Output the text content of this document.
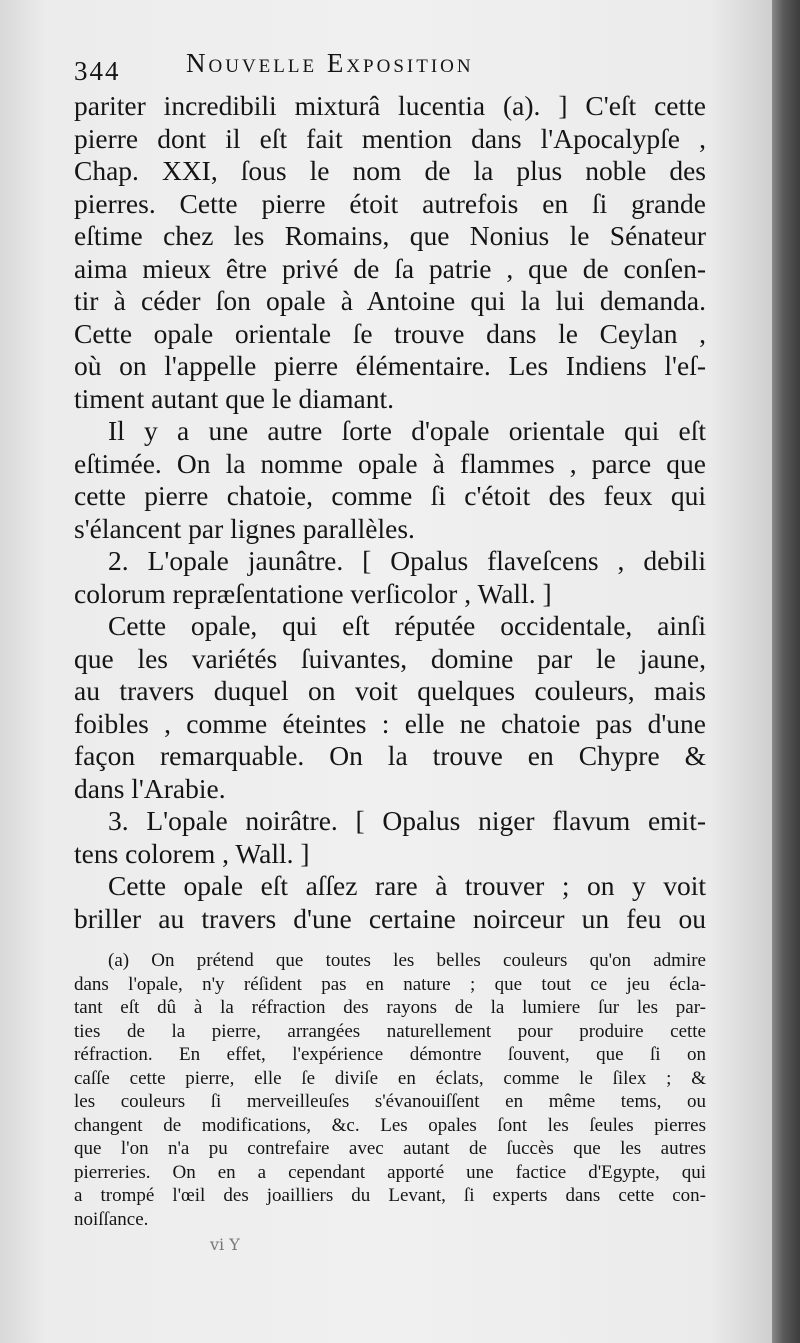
344 Nouvelle Exposition
pariter incredibili mixturâ lucentia (a). ] C'eſt cette
pierre dont il eſt fait mention dans l'Apocalypſe ,
Chap. XXI, ſous le nom de la plus noble des
pierres. Cette pierre étoit autrefois en ſi grande
eſtime chez les Romains, que Nonius le Sénateur
aima mieux être privé de ſa patrie , que de conſen-
tir à céder ſon opale à Antoine qui la lui demanda.
Cette opale orientale ſe trouve dans le Ceylan ,
où on l'appelle pierre élémentaire. Les Indiens l'eſ-
timent autant que le diamant.
Il y a une autre ſorte d'opale orientale qui eſt
eſtimée. On la nomme opale à flammes , parce que
cette pierre chatoie, comme ſi c'étoit des feux qui
s'élancent par lignes parallèles.
2. L'opale jaunâtre. [ Opalus flaveſcens , debili
colorum repræſentatione verſicolor , Wall. ]
Cette opale, qui eſt réputée occidentale, ainſi
que les variétés ſuivantes, domine par le jaune,
au travers duquel on voit quelques couleurs, mais
foibles , comme éteintes : elle ne chatoie pas d'une
façon remarquable. On la trouve en Chypre &
dans l'Arabie.
3. L'opale noirâtre. [ Opalus niger flavum emit-
tens colorem , Wall. ]
Cette opale eſt aſſez rare à trouver ; on y voit
briller au travers d'une certaine noirceur un feu ou
(a) On prétend que toutes les belles couleurs qu'on admire
dans l'opale, n'y réſident pas en nature ; que tout ce jeu écla-
tant eſt dû à la réfraction des rayons de la lumiere ſur les par-
ties de la pierre, arrangées naturellement pour produire cette
réfraction. En effet, l'expérience démontre ſouvent, que ſi on
caſſe cette pierre, elle ſe diviſe en éclats, comme le ſilex ; &
les couleurs ſi merveilleuſes s'évanouiſſent en même tems, ou
changent de modifications, &c. Les opales ſont les ſeules pierres
que l'on n'a pu contrefaire avec autant de ſuccès que les autres
pierreries. On en a cependant apporté une factice d'Egypte, qui
a trompé l'œil des joailliers du Levant, ſi experts dans cette con-
noiſſance.
vi Y
